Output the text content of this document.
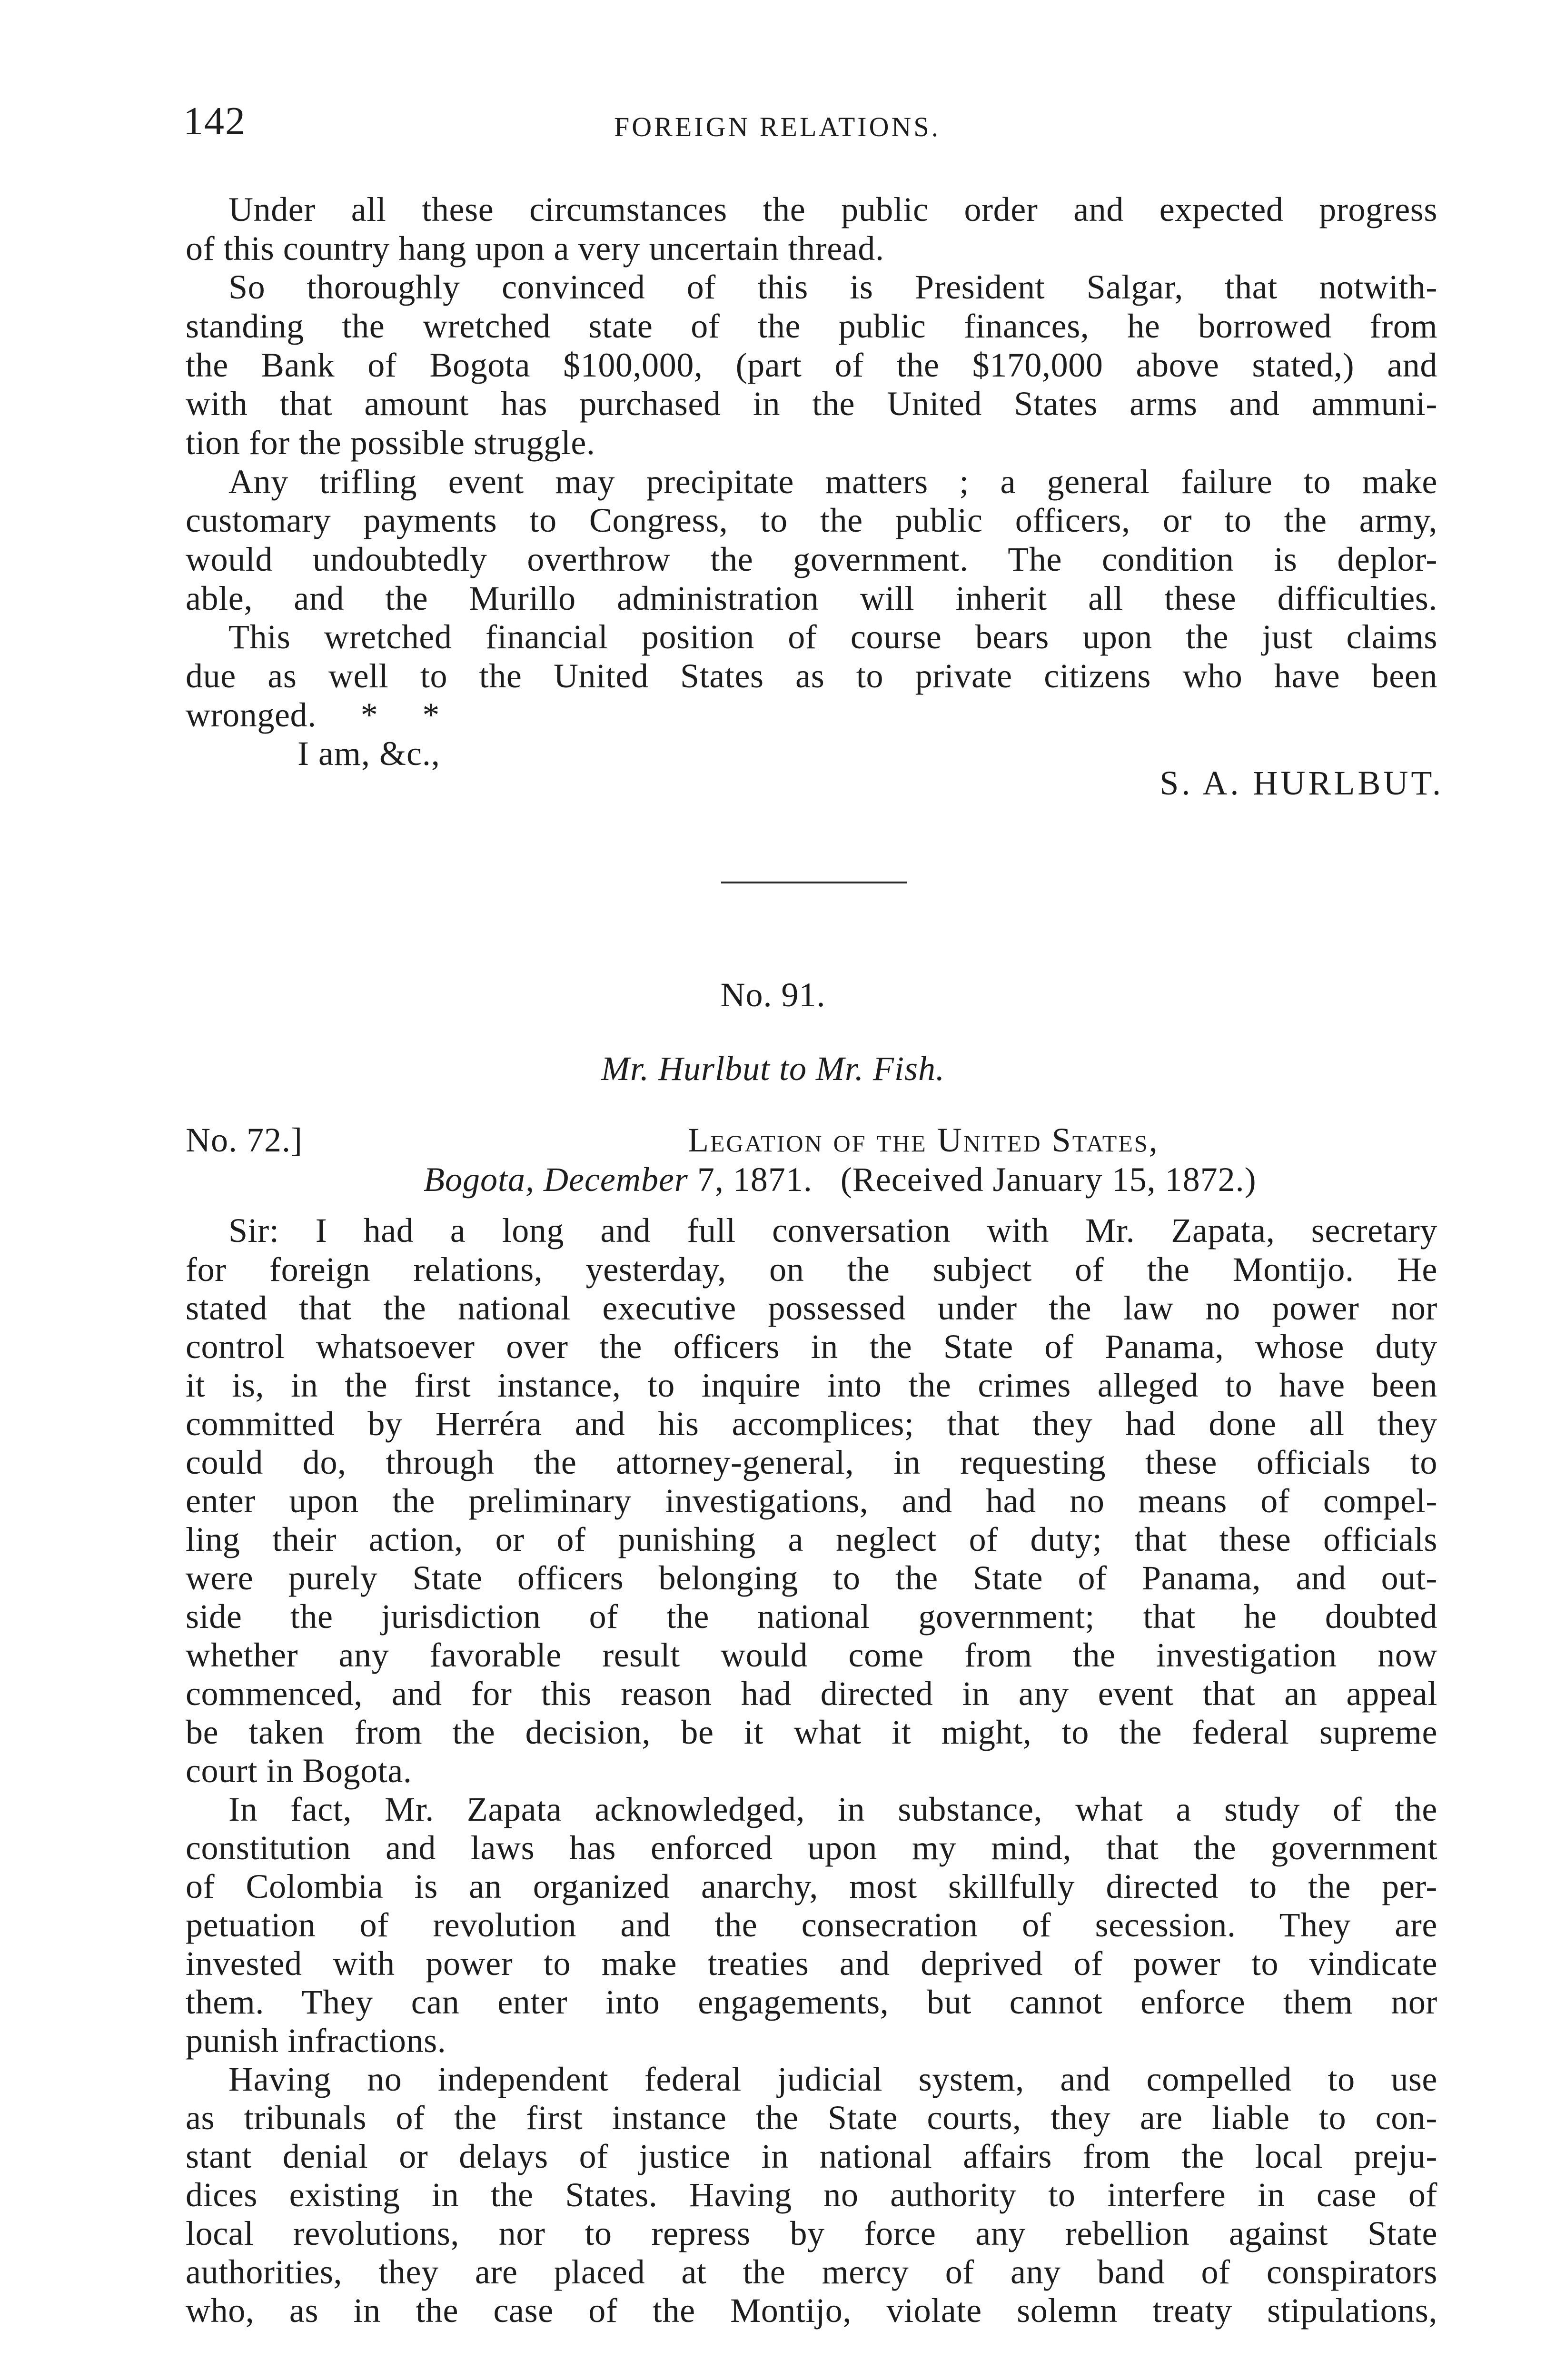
142	FOREIGN RELATIONS.
Under all these circumstances the public order and expected progress
of this country hang upon a very uncertain thread.
So thoroughly convinced of this is President Salgar, that notwith-
standing the wretched state of the public finances, he borrowed from
the Bank of Bogota $100,000, (part of the $170,000 above stated,) and
with that amount has purchased in the United States arms and ammuni-
tion for the possible struggle.
Any trifling event may precipitate matters ; a general failure to make
customary payments to Congress, to the public officers, or to the army,
would undoubtedly overthrow the government. The condition is deplor-
able, and the Murillo administration will inherit all these difficulties.
This wretched financial position of course bears upon the just claims
due as well to the United States as to private citizens who have been
wronged.     *     *
I am, &c.,
S. A. HURLBUT.
No. 91.
Mr. Hurlbut to Mr. Fish.
No. 72.]	Legation of the United States,
Bogota, December 7, 1871. (Received January 15, 1872.)
Sir: I had a long and full conversation with Mr. Zapata, secretary
for foreign relations, yesterday, on the subject of the Montijo. He
stated that the national executive possessed under the law no power nor
control whatsoever over the officers in the State of Panama, whose duty
it is, in the first instance, to inquire into the crimes alleged to have been
committed by Herréra and his accomplices; that they had done all they
could do, through the attorney-general, in requesting these officials to
enter upon the preliminary investigations, and had no means of compel-
ling their action, or of punishing a neglect of duty; that these officials
were purely State officers belonging to the State of Panama, and out-
side the jurisdiction of the national government; that he doubted
whether any favorable result would come from the investigation now
commenced, and for this reason had directed in any event that an appeal
be taken from the decision, be it what it might, to the federal supreme
court in Bogota.
In fact, Mr. Zapata acknowledged, in substance, what a study of the
constitution and laws has enforced upon my mind, that the government
of Colombia is an organized anarchy, most skillfully directed to the per-
petuation of revolution and the consecration of secession. They are
invested with power to make treaties and deprived of power to vindicate
them. They can enter into engagements, but cannot enforce them nor
punish infractions.
Having no independent federal judicial system, and compelled to use
as tribunals of the first instance the State courts, they are liable to con-
stant denial or delays of justice in national affairs from the local preju-
dices existing in the States. Having no authority to interfere in case of
local revolutions, nor to repress by force any rebellion against State
authorities, they are placed at the mercy of any band of conspirators
who, as in the case of the Montijo, violate solemn treaty stipulations,
